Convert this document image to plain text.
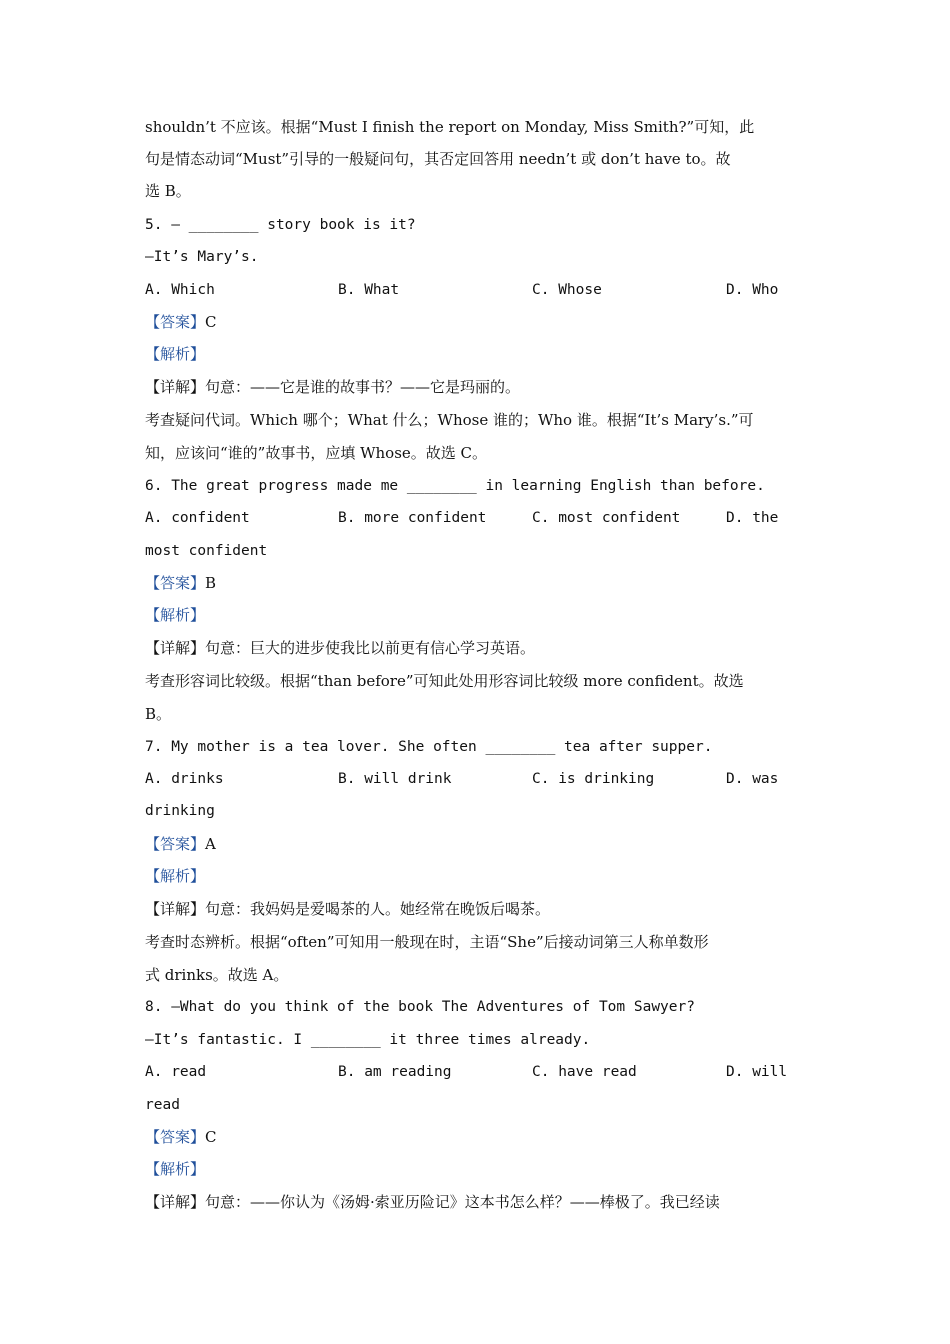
shouldn’t 不应该。根据“Must I finish the report on Monday, Miss Smith?”可知，此
句是情态动词“Must”引导的一般疑问句，其否定回答用 needn’t 或 don’t have to。故
选 B。
5. — ________ story book is it?
—It’s Mary’s.
A. Which	B. What	C. Whose	D. Who
【答案】C
【解析】
【详解】句意：——它是谁的故事书？——它是玛丽的。
考查疑问代词。Which 哪个；What 什么；Whose 谁的；Who 谁。根据“It’s Mary’s.”可
知，应该问“谁的”故事书，应填 Whose。故选 C。
6. The great progress made me ________ in learning English than before.
A. confident	B. more confident	C. most confident	D. the
most confident
【答案】B
【解析】
【详解】句意：巨大的进步使我比以前更有信心学习英语。
考查形容词比较级。根据“than before”可知此处用形容词比较级 more confident。故选
B。
7. My mother is a tea lover. She often ________ tea after supper.
A. drinks	B. will drink	C. is drinking	D. was
drinking
【答案】A
【解析】
【详解】句意：我妈妈是爱喝茶的人。她经常在晚饭后喝茶。
考查时态辨析。根据“often”可知用一般现在时，主语“She”后接动词第三人称单数形
式 drinks。故选 A。
8. —What do you think of the book The Adventures of Tom Sawyer?
—It’s fantastic. I ________ it three times already.
A. read	B. am reading	C. have read	D. will
read
【答案】C
【解析】
【详解】句意：——你认为《汤姆·索亚历险记》这本书怎么样？——棒极了。我已经读
